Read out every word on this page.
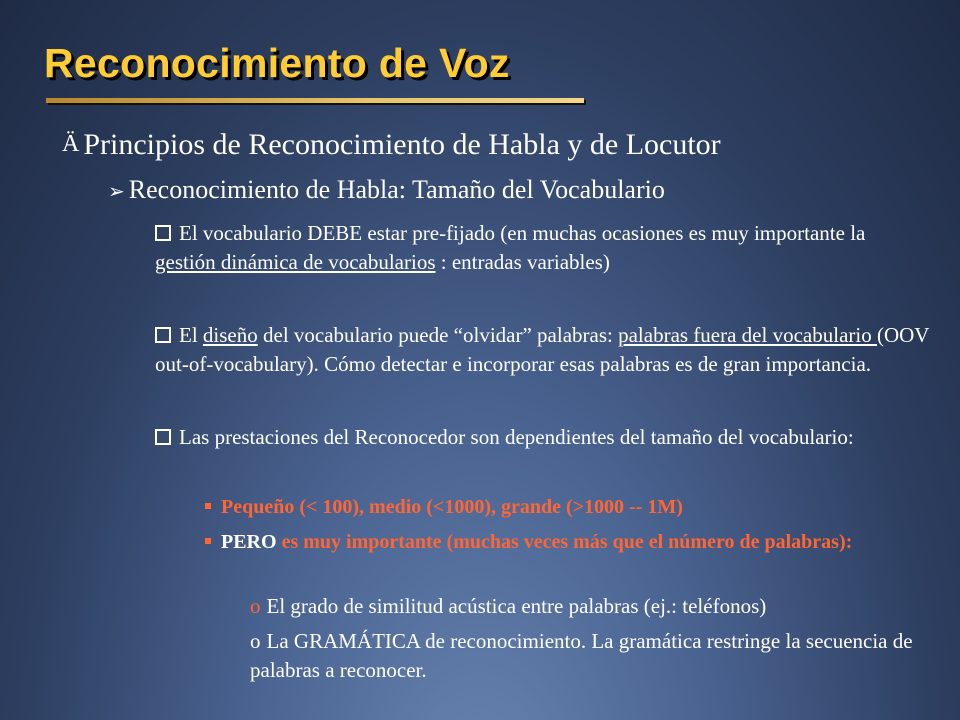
Reconocimiento de Voz
Ä Principios de Reconocimiento de Habla y de Locutor
➢ Reconocimiento de Habla: Tamaño del Vocabulario
El vocabulario DEBE estar pre-fijado (en muchas ocasiones es muy importante la gestión dinámica de vocabularios : entradas variables)
El diseño del vocabulario puede “olvidar” palabras: palabras fuera del vocabulario (OOV out-of-vocabulary). Cómo detectar e incorporar esas palabras es de gran importancia.
Las prestaciones del Reconocedor son dependientes del tamaño del vocabulario:
Pequeño (< 100), medio (<1000), grande (>1000 -- 1M)
PERO es muy importante (muchas veces más que el número de palabras):
o El grado de similitud acústica entre palabras (ej.: teléfonos)
o La GRAMÁTICA de reconocimiento. La gramática restringe la secuencia de palabras a reconocer.
